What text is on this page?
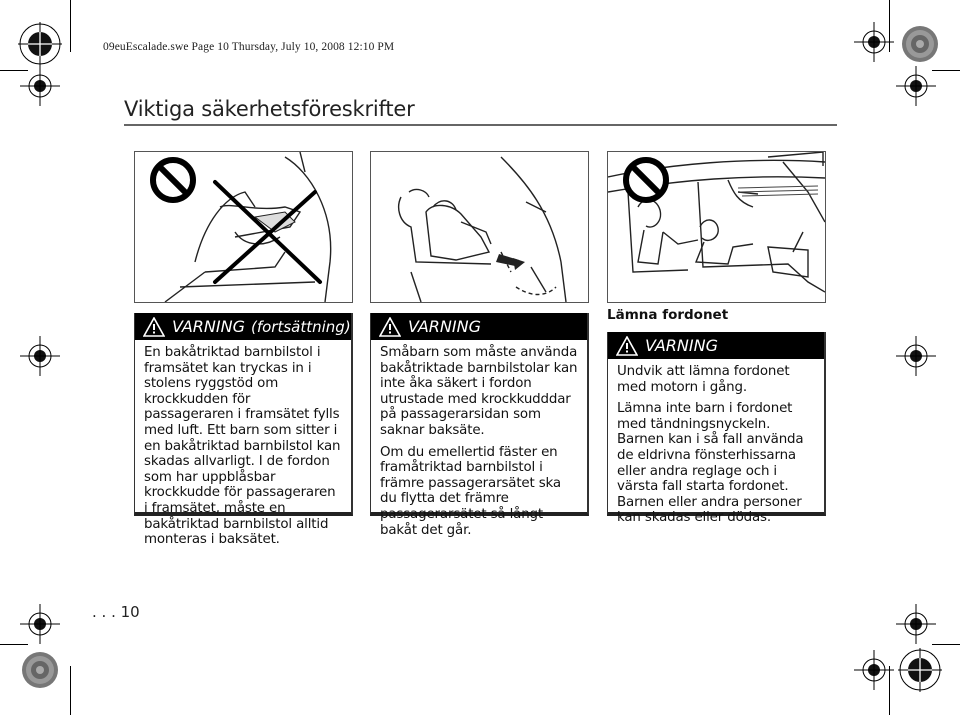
09euEscalade.swe Page 10 Thursday, July 10, 2008 12:10 PM
Viktiga säkerhetsföreskrifter
VARNING (fortsättning)

En bakåtriktad barnbilstol i framsätet kan tryckas in i stolens ryggstöd om krockkudden för passageraren i framsätet fylls med luft. Ett barn som sitter i en bakåtriktad barnbilstol kan skadas allvarligt. I de fordon som har uppblåsbar krockkudde för passageraren i framsätet, måste en bakåtriktad barnbilstol alltid monteras i baksätet.

VARNING

Småbarn som måste använda bakåtriktade barnbilstolar kan inte åka säkert i fordon utrustade med krockkudddar på passagerarsidan som saknar baksäte.

Om du emellertid fäster en framåtriktad barnbilstol i främre passagerarsätet ska du flytta det främre passagerarsätet så långt bakåt det går.

Lämna fordonet
VARNING

Undvik att lämna fordonet med motorn i gång.

Lämna inte barn i fordonet med tändningsnyckeln. Barnen kan i så fall använda de eldrivna fönsterhissarna eller andra reglage och i värsta fall starta fordonet. Barnen eller andra personer kan skadas eller dödas.

. . . 10
